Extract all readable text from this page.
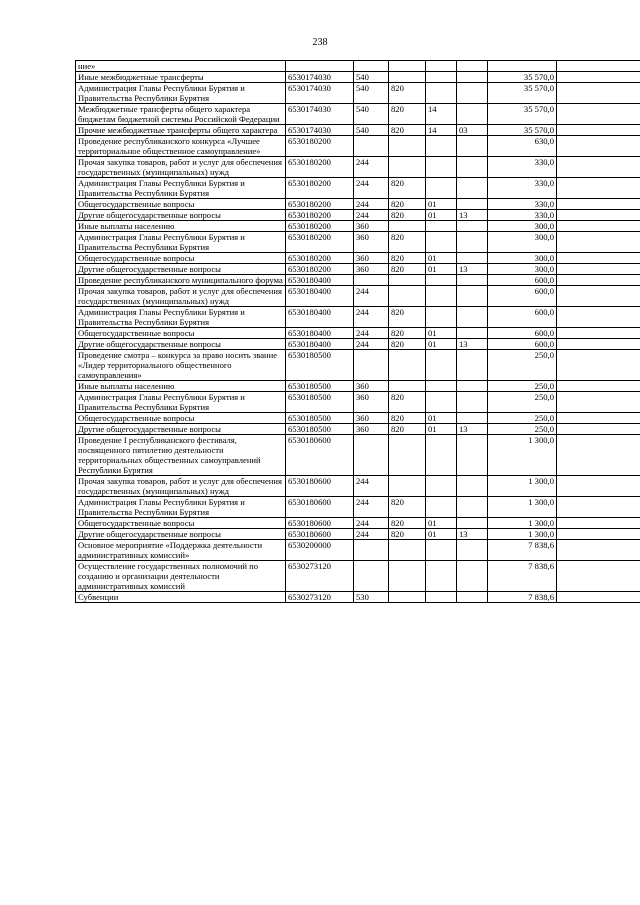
238
ние»							
Иные межбюджетные трансферты	6530174030	540				35 570,0	
Администрация Главы Республики Бурятия и Правительства Республики Бурятия	6530174030	540	820			35 570,0	
Межбюджетные трансферты общего характера бюджетам бюджетной системы Российской Федерации	6530174030	540	820	14		35 570,0	
Прочие межбюджетные трансферты общего характера	6530174030	540	820	14	03	35 570,0	
Проведение республиканского конкурса «Лучшее территориальное общественное самоуправление»	6530180200					630,0	
Прочая закупка товаров, работ и услуг для обеспечения государственных (муниципальных) нужд	6530180200	244				330,0	
Администрация Главы Республики Бурятия и Правительства Республики Бурятия	6530180200	244	820			330,0	
Общегосударственные вопросы	6530180200	244	820	01		330,0	
Другие общегосударственные вопросы	6530180200	244	820	01	13	330,0	
Иные выплаты населению	6530180200	360				300,0	
Администрация Главы Республики Бурятия и Правительства Республики Бурятия	6530180200	360	820			300,0	
Общегосударственные вопросы	6530180200	360	820	01		300,0	
Другие общегосударственные вопросы	6530180200	360	820	01	13	300,0	
Проведение республиканского муниципального форума	6530180400					600,0	
Прочая закупка товаров, работ и услуг для обеспечения государственных (муниципальных) нужд	6530180400	244				600,0	
Администрация Главы Республики Бурятия и Правительства Республики Бурятия	6530180400	244	820			600,0	
Общегосударственные вопросы	6530180400	244	820	01		600,0	
Другие общегосударственные вопросы	6530180400	244	820	01	13	600,0	
Проведение смотра – конкурса за право носить звание «Лидер территориального общественного самоуправления»	6530180500					250,0	
Иные выплаты населению	6530180500	360				250,0	
Администрация Главы Республики Бурятия и Правительства Республики Бурятия	6530180500	360	820			250,0	
Общегосударственные вопросы	6530180500	360	820	01		250,0	
Другие общегосударственные вопросы	6530180500	360	820	01	13	250,0	
Проведение I республиканского фестиваля, посвященного пятилетию деятельности территориальных общественных самоуправлений Республики Бурятия	6530180600					1 300,0	
Прочая закупка товаров, работ и услуг для обеспечения государственных (муниципальных) нужд	6530180600	244				1 300,0	
Администрация Главы Республики Бурятия и Правительства Республики Бурятия	6530180600	244	820			1 300,0	
Общегосударственные вопросы	6530180600	244	820	01		1 300,0	
Другие общегосударственные вопросы	6530180600	244	820	01	13	1 300,0	
Основное мероприятие «Поддержка деятельности административных комиссий»	6530200000					7 838,6	
Осуществление государственных полномочий по созданию и организации деятельности административных комиссий	6530273120					7 838,6	
Субвенции	6530273120	530				7 838,6	
